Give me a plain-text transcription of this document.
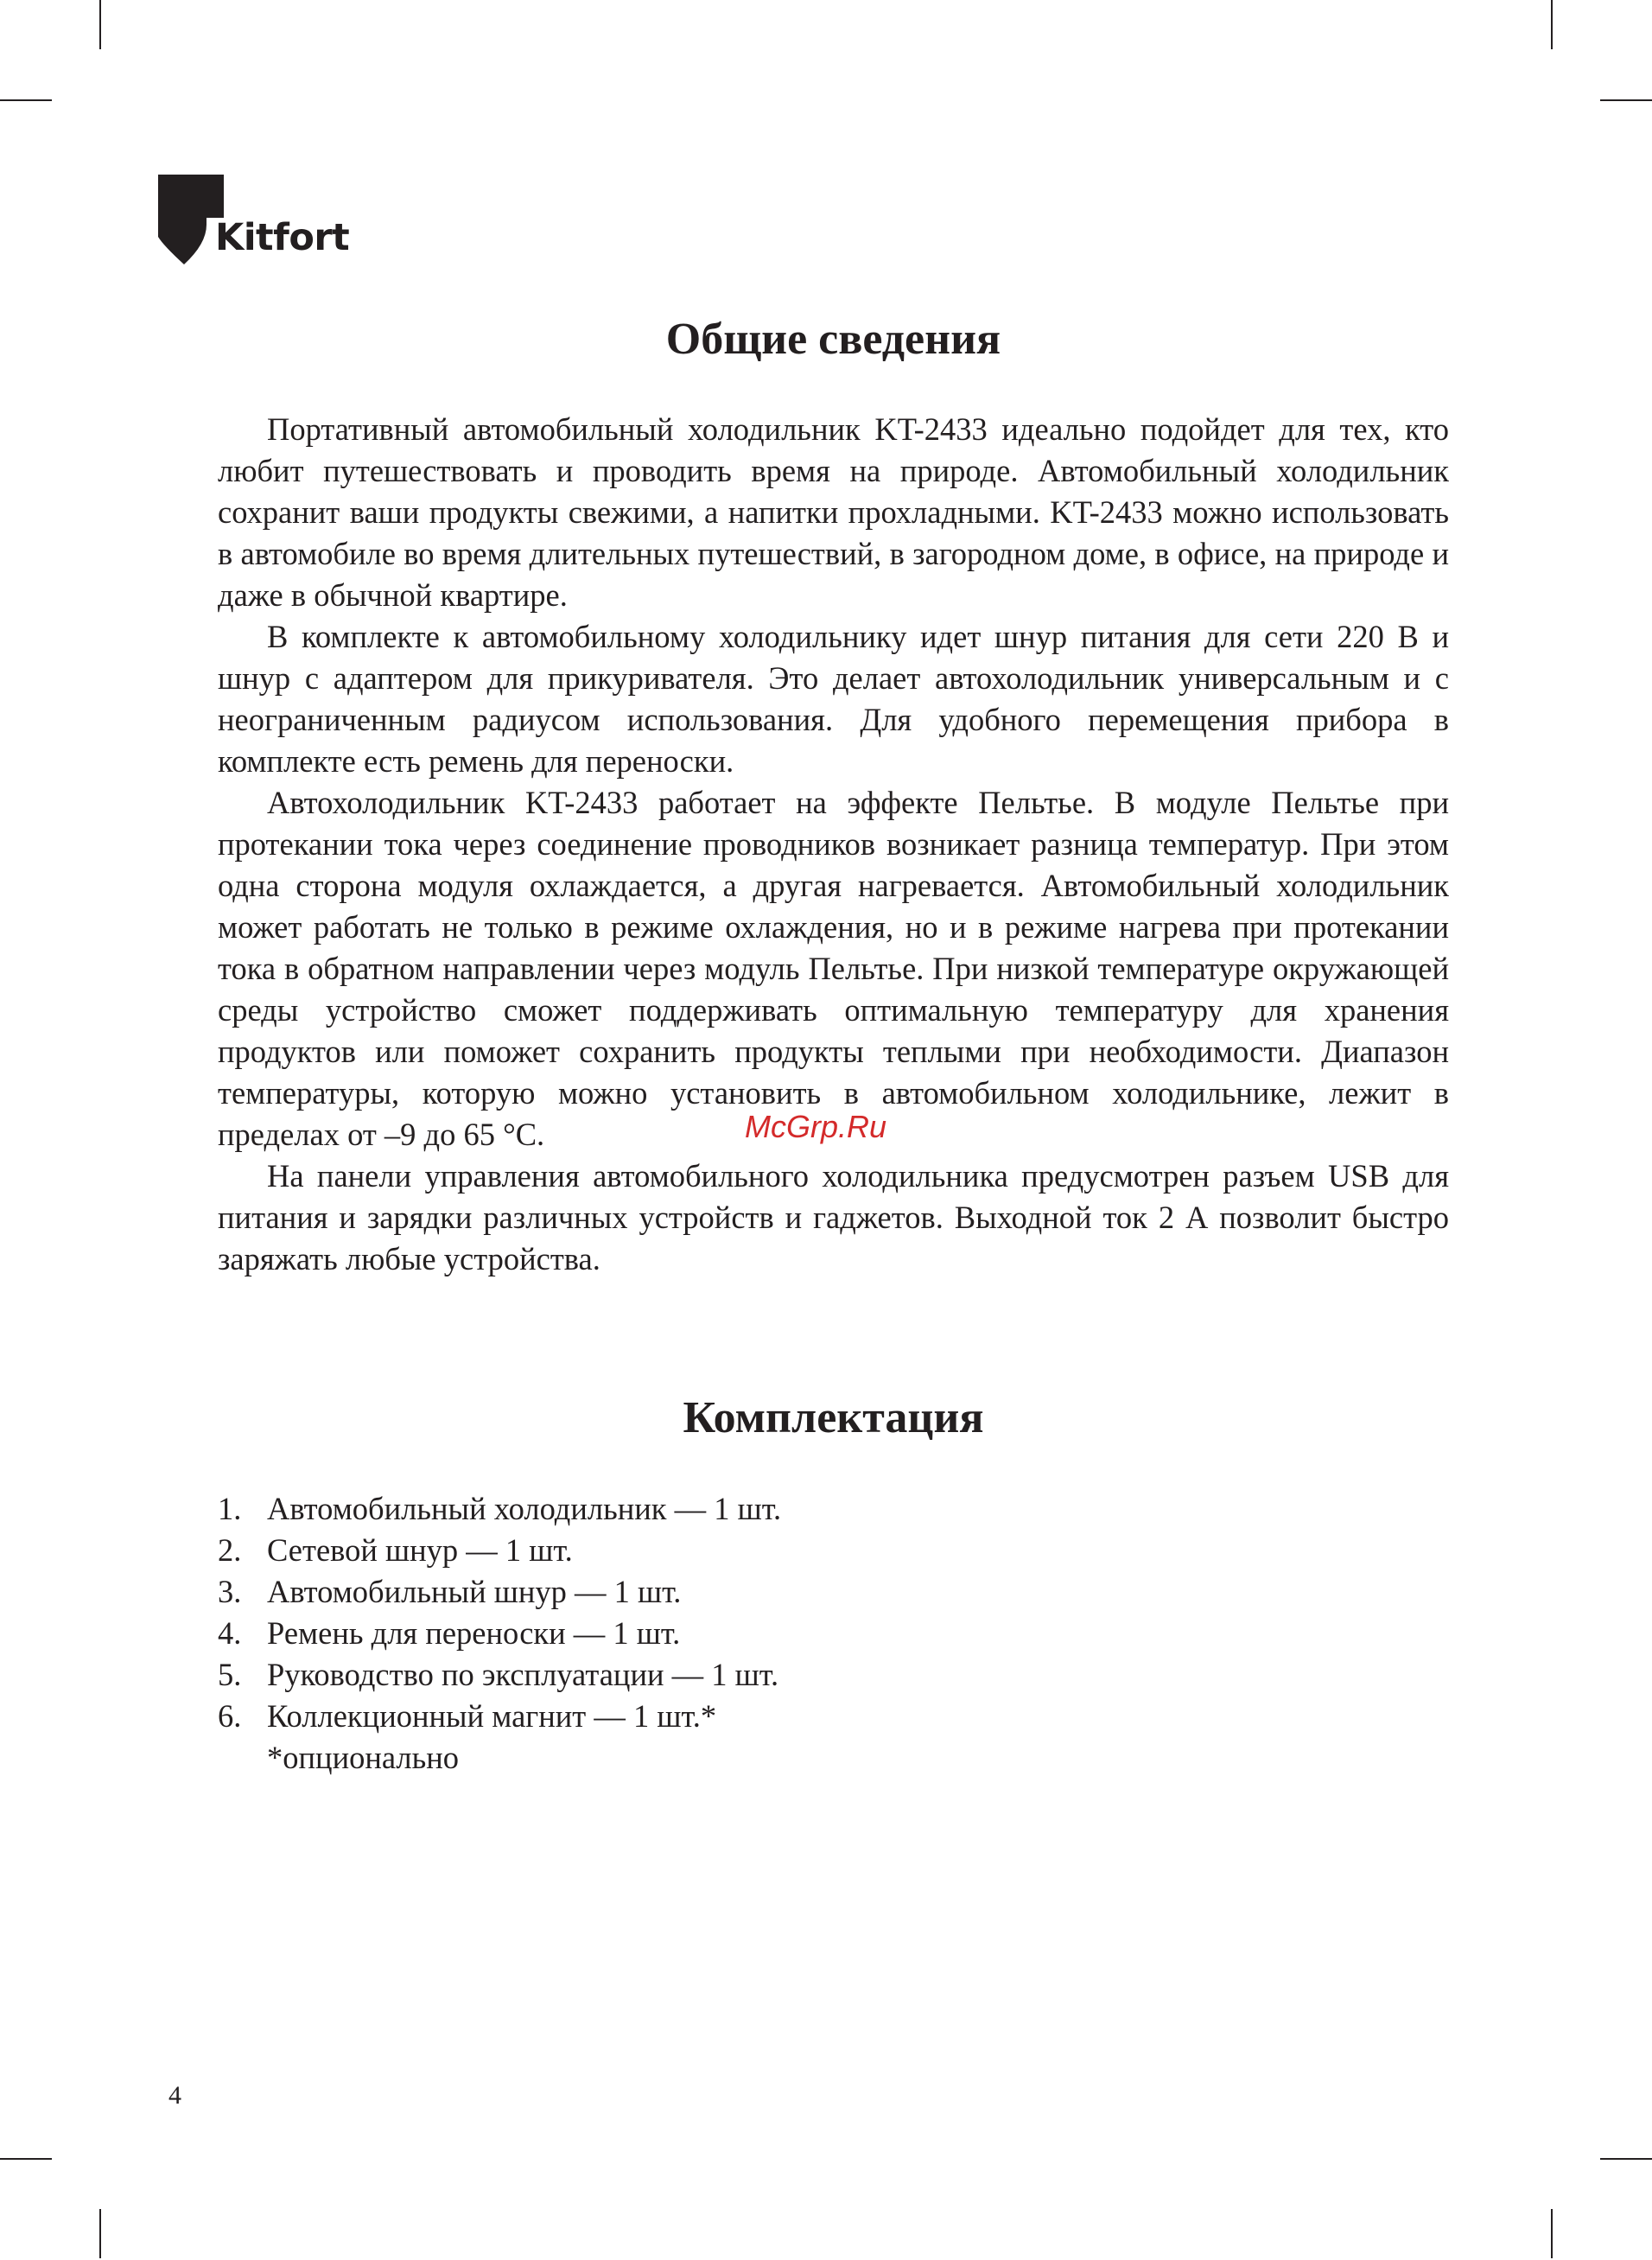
Kitfort
Общие сведения

Портативный автомобильный холодильник KT-2433 идеально подойдет для тех, кто любит путешествовать и проводить время на природе. Автомобильный холодильник сохранит ваши продукты свежими, а напитки прохладными. KT-2433 можно использовать в автомобиле во время длительных путешествий, в загородном доме, в офисе, на природе и даже в обычной квартире.

В комплекте к автомобильному холодильнику идет шнур питания для сети 220 В и шнур с адаптером для прикуривателя. Это делает автохолодильник универсальным и с неограниченным радиусом использования. Для удобного перемещения прибора в комплекте есть ремень для переноски.

Автохолодильник KT-2433 работает на эффекте Пельтье. В модуле Пельтье при протекании тока через соединение проводников возникает разница температур. При этом одна сторона модуля охлаждается, а другая нагревается. Автомобильный холодильник может работать не только в режиме охлаждения, но и в режиме нагрева при протекании тока в обратном направлении через модуль Пельтье. При низкой температуре окружающей среды устройство сможет поддерживать оптимальную температуру для хранения продуктов или поможет сохранить продукты теплыми при необходимости. Диапазон температуры, которую можно установить в автомобильном холодильнике, лежит в пределах от –9 до 65 °С.

На панели управления автомобильного холодильника предусмотрен разъем USB для питания и зарядки различных устройств и гаджетов. Выходной ток 2 А позволит быстро заряжать любые устройства.

Комплектация
1. Автомобильный холодильник — 1 шт.
2. Сетевой шнур — 1 шт.
3. Автомобильный шнур — 1 шт.
4. Ремень для переноски — 1 шт.
5. Руководство по эксплуатации — 1 шт.
6. Коллекционный магнит — 1 шт.*
*опционально
McGrp.Ru
4
